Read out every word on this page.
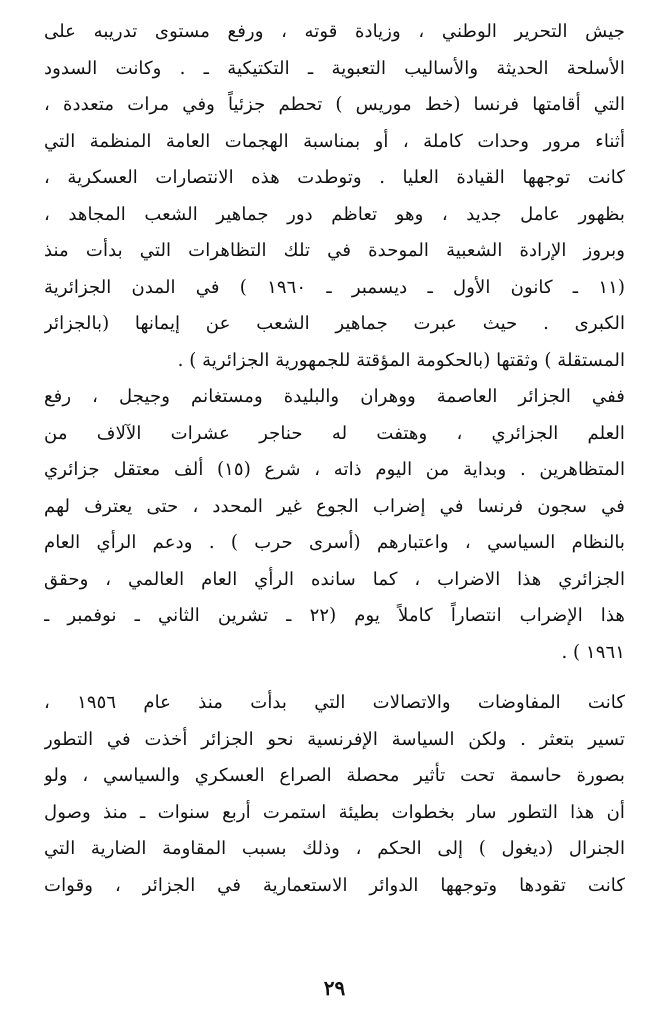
جيش التحرير الوطني ، وزيادة قوته ، ورفع مستوى تدريبه على
الأسلحة الحديثة والأساليب التعبوية ـ التكتيكية ـ . وكانت السدود
التي أقامتها فرنسا (خط موريس ) تحطم جزئياً وفي مرات متعددة ،
أثناء مرور وحدات كاملة ، أو بمناسبة الهجمات العامة المنظمة التي
كانت توجهها القيادة العليا . وتوطدت هذه الانتصارات العسكرية ،
بظهور عامل جديد ، وهو تعاظم دور جماهير الشعب المجاهد ،
وبروز الإرادة الشعبية الموحدة في تلك التظاهرات التي بدأت منذ
(١١ ـ كانون الأول ـ ديسمبر ـ ١٩٦٠ ) في المدن الجزائرية
الكبرى . حيث عبرت جماهير الشعب عن إيمانها (بالجزائر
المستقلة ) وثقتها (بالحكومة المؤقتة للجمهورية الجزائرية ) .
ففي الجزائر العاصمة ووهران والبليدة ومستغانم وجيجل ، رفع
العلم الجزائري ، وهتفت له حناجر عشرات الآلاف من
المتظاهرين . وبداية من اليوم ذاته ، شرع (١٥) ألف معتقل جزائري
في سجون فرنسا في إضراب الجوع غير المحدد ، حتى يعترف لهم
بالنظام السياسي ، واعتبارهم (أسرى حرب ) . ودعم الرأي العام
الجزائري هذا الاضراب ، كما سانده الرأي العام العالمي ، وحقق
هذا الإضراب انتصاراً كاملاً يوم (٢٢ ـ تشرين الثاني ـ نوفمبر ـ
١٩٦١ ) .
كانت المفاوضات والاتصالات التي بدأت منذ عام ١٩٥٦ ،
تسير بتعثر . ولكن السياسة الإفرنسية نحو الجزائر أخذت في التطور
بصورة حاسمة تحت تأثير محصلة الصراع العسكري والسياسي ، ولو
أن هذا التطور سار بخطوات بطيئة استمرت أربع سنوات ـ منذ وصول
الجنرال (ديغول ) إلى الحكم ، وذلك بسبب المقاومة الضارية التي
كانت تقودها وتوجهها الدوائر الاستعمارية في الجزائر ، وقوات
٢٩
